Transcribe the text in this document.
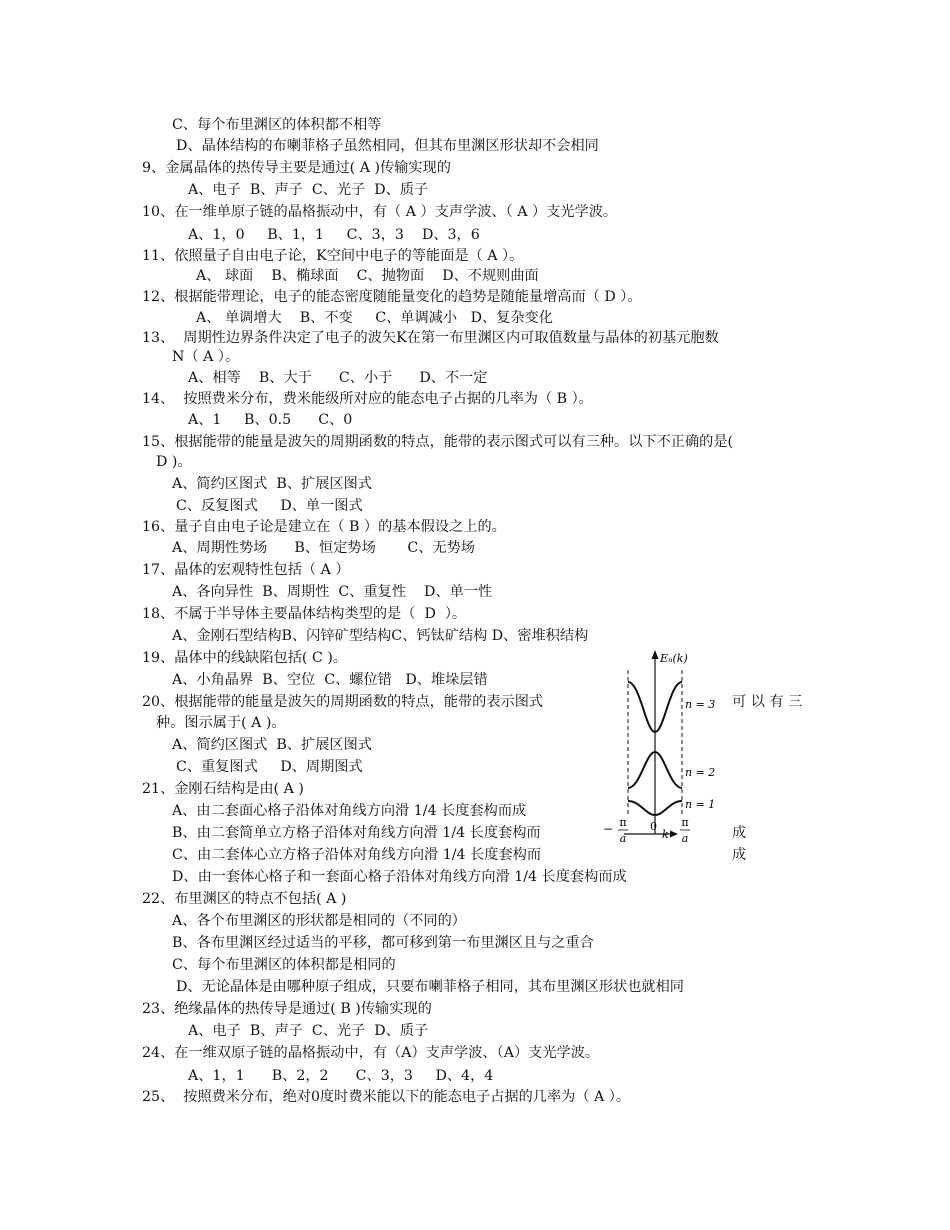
C、每个布里渊区的体积都不相等
D、晶体结构的布喇菲格子虽然相同，但其布里渊区形状却不会相同
9、金属晶体的热传导主要是通过( A )传输实现的
A、电子  B、声子  C、光子  D、质子
10、在一维单原子链的晶格振动中，有（ A ）支声学波、（ A ）支光学波。
A、1，0     B、1，1     C、3，3    D、3，6
11、依照量子自由电子论，K空间中电子的等能面是（ A ）。
A、 球面    B、椭球面    C、抛物面    D、不规则曲面
12、根据能带理论，电子的能态密度随能量变化的趋势是随能量增高而（ D ）。
A、 单调增大    B、不变     C、单调减小   D、复杂变化
13、  周期性边界条件决定了电子的波矢K在第一布里渊区内可取值数量与晶体的初基元胞数
N（ A ）。
A、相等    B、大于      C、小于      D、不一定
14、  按照费米分布，费米能级所对应的能态电子占据的几率为（ B ）。
A、1     B、0.5      C、0
15、根据能带的能量是波矢的周期函数的特点，能带的表示图式可以有三种。以下不正确的是(
D )。
A、简约区图式  B、扩展区图式
C、反复图式     D、单一图式
16、量子自由电子论是建立在（ B ）的基本假设之上的。
A、周期性势场      B、恒定势场       C、无势场
17、晶体的宏观特性包括（ A ）
A、各向异性  B、周期性  C、重复性    D、单一性
18、不属于半导体主要晶体结构类型的是（  D  ）。
A、金刚石型结构B、闪锌矿型结构C、钙钛矿结构 D、密堆积结构
19、晶体中的线缺陷包括( C )。
A、小角晶界  B、空位  C、螺位错   D、堆垛层错
20、根据能带的能量是波矢的周期函数的特点，能带的表示图式	可 以 有 三
种。图示属于( A )。
A、简约区图式  B、扩展区图式
C、重复图式     D、周期图式
21、金刚石结构是由( A )
A、由二套面心格子沿体对角线方向滑 1/4 长度套构而成
B、由二套简单立方格子沿体对角线方向滑 1/4 长度套构而	成
C、由二套体心立方格子沿体对角线方向滑 1/4 长度套构而	成
D、由一套体心格子和一套面心格子沿体对角线方向滑 1/4 长度套构而成
22、布里渊区的特点不包括( A )
A、各个布里渊区的形状都是相同的（不同的）
B、各布里渊区经过适当的平移，都可移到第一布里渊区且与之重合
C、每个布里渊区的体积都是相同的
D、无论晶体是由哪种原子组成，只要布喇菲格子相同，其布里渊区形状也就相同
23、绝缘晶体的热传导是通过( B )传输实现的
A、电子  B、声子  C、光子  D、质子
24、在一维双原子链的晶格振动中，有（A）支声学波、（A）支光学波。
A、1，1      B、2，2      C、3，3     D、4，4
25、  按照费米分布，绝对0度时费米能以下的能态电子占据的几率为（ A ）。
Eₙ(k)
n = 3
n = 2
n = 1
− π
a
0
k
π
a
